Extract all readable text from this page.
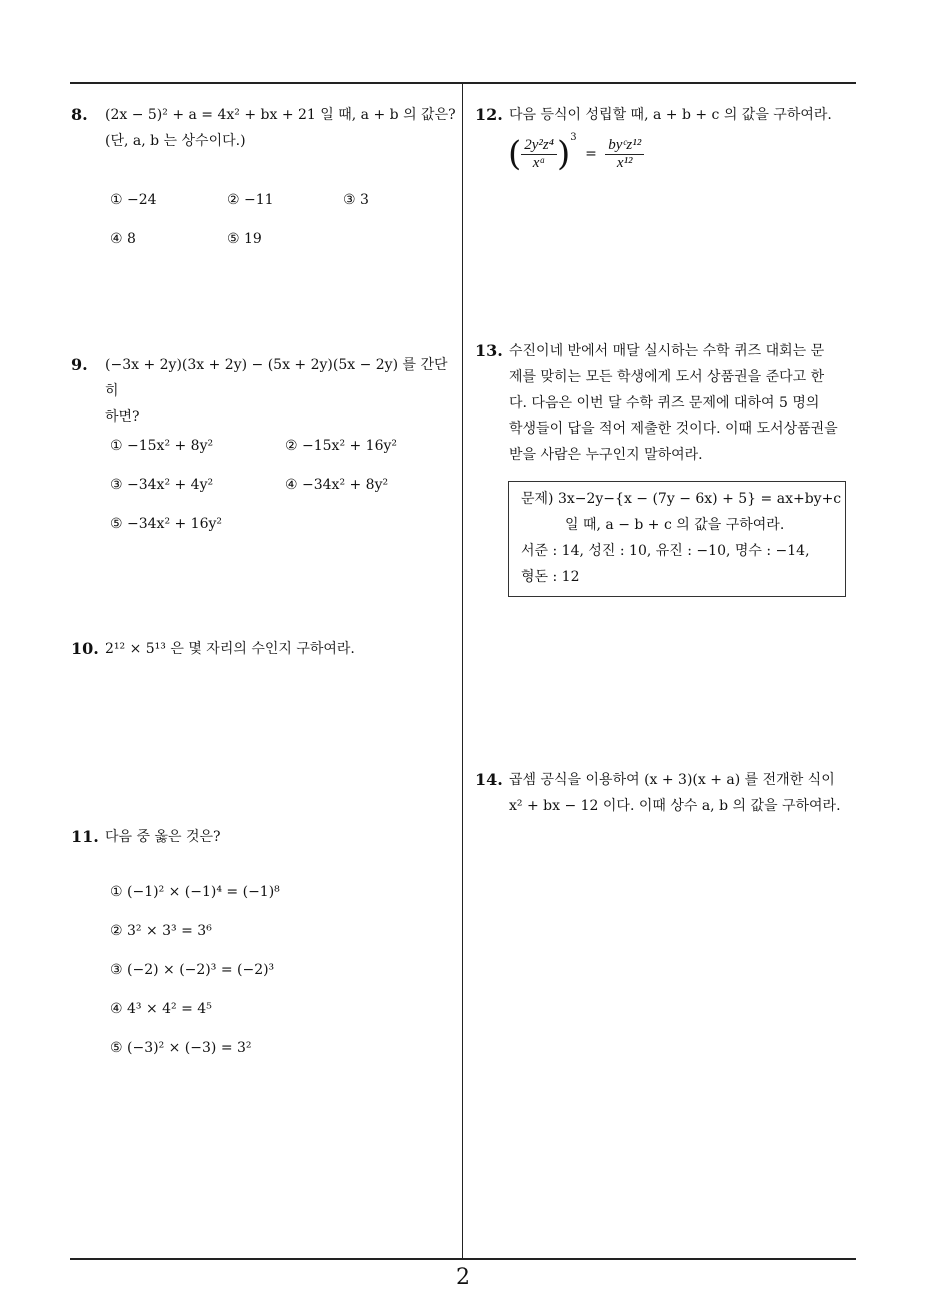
8. (2x − 5)² + a = 4x² + bx + 21 일 때, a + b 의 값은?
(단, a, b 는 상수이다.)
① −24	② −11	③ 3
④ 8	⑤ 19
9. (−3x + 2y)(3x + 2y) − (5x + 2y)(5x − 2y) 를 간단히
하면?
① −15x² + 8y²	② −15x² + 16y²
③ −34x² + 4y²	④ −34x² + 8y²
⑤ −34x² + 16y²
10. 2¹² × 5¹³ 은 몇 자리의 수인지 구하여라.
11. 다음 중 옳은 것은?
① (−1)² × (−1)⁴ = (−1)⁸
② 3² × 3³ = 3⁶
③ (−2) × (−2)³ = (−2)³
④ 4³ × 4² = 4⁵
⑤ (−3)² × (−3) = 3²
12. 다음 등식이 성립할 때, a + b + c 의 값을 구하여라.
( $\frac{\text{2y²z⁴}}{\text{xᵃ}} )^3 = \frac{\text{byᶜz¹²}}{\text{x¹²}}$
13. 수진이네 반에서 매달 실시하는 수학 퀴즈 대회는 문
제를 맞히는 모든 학생에게 도서 상품권을 준다고 한
다. 다음은 이번 달 수학 퀴즈 문제에 대하여 5 명의
학생들이 답을 적어 제출한 것이다. 이때 도서상품권을
받을 사람은 누구인지 말하여라.
문제) 3x−2y−{x − (7y − 6x) + 5} = ax+by+c
일 때, a − b + c 의 값을 구하여라.
서준 : 14, 성진 : 10, 유진 : −10, 명수 : −14,
형돈 : 12
14. 곱셈 공식을 이용하여 (x + 3)(x + a) 를 전개한 식이
x² + bx − 12 이다. 이때 상수 a, b 의 값을 구하여라.
2
